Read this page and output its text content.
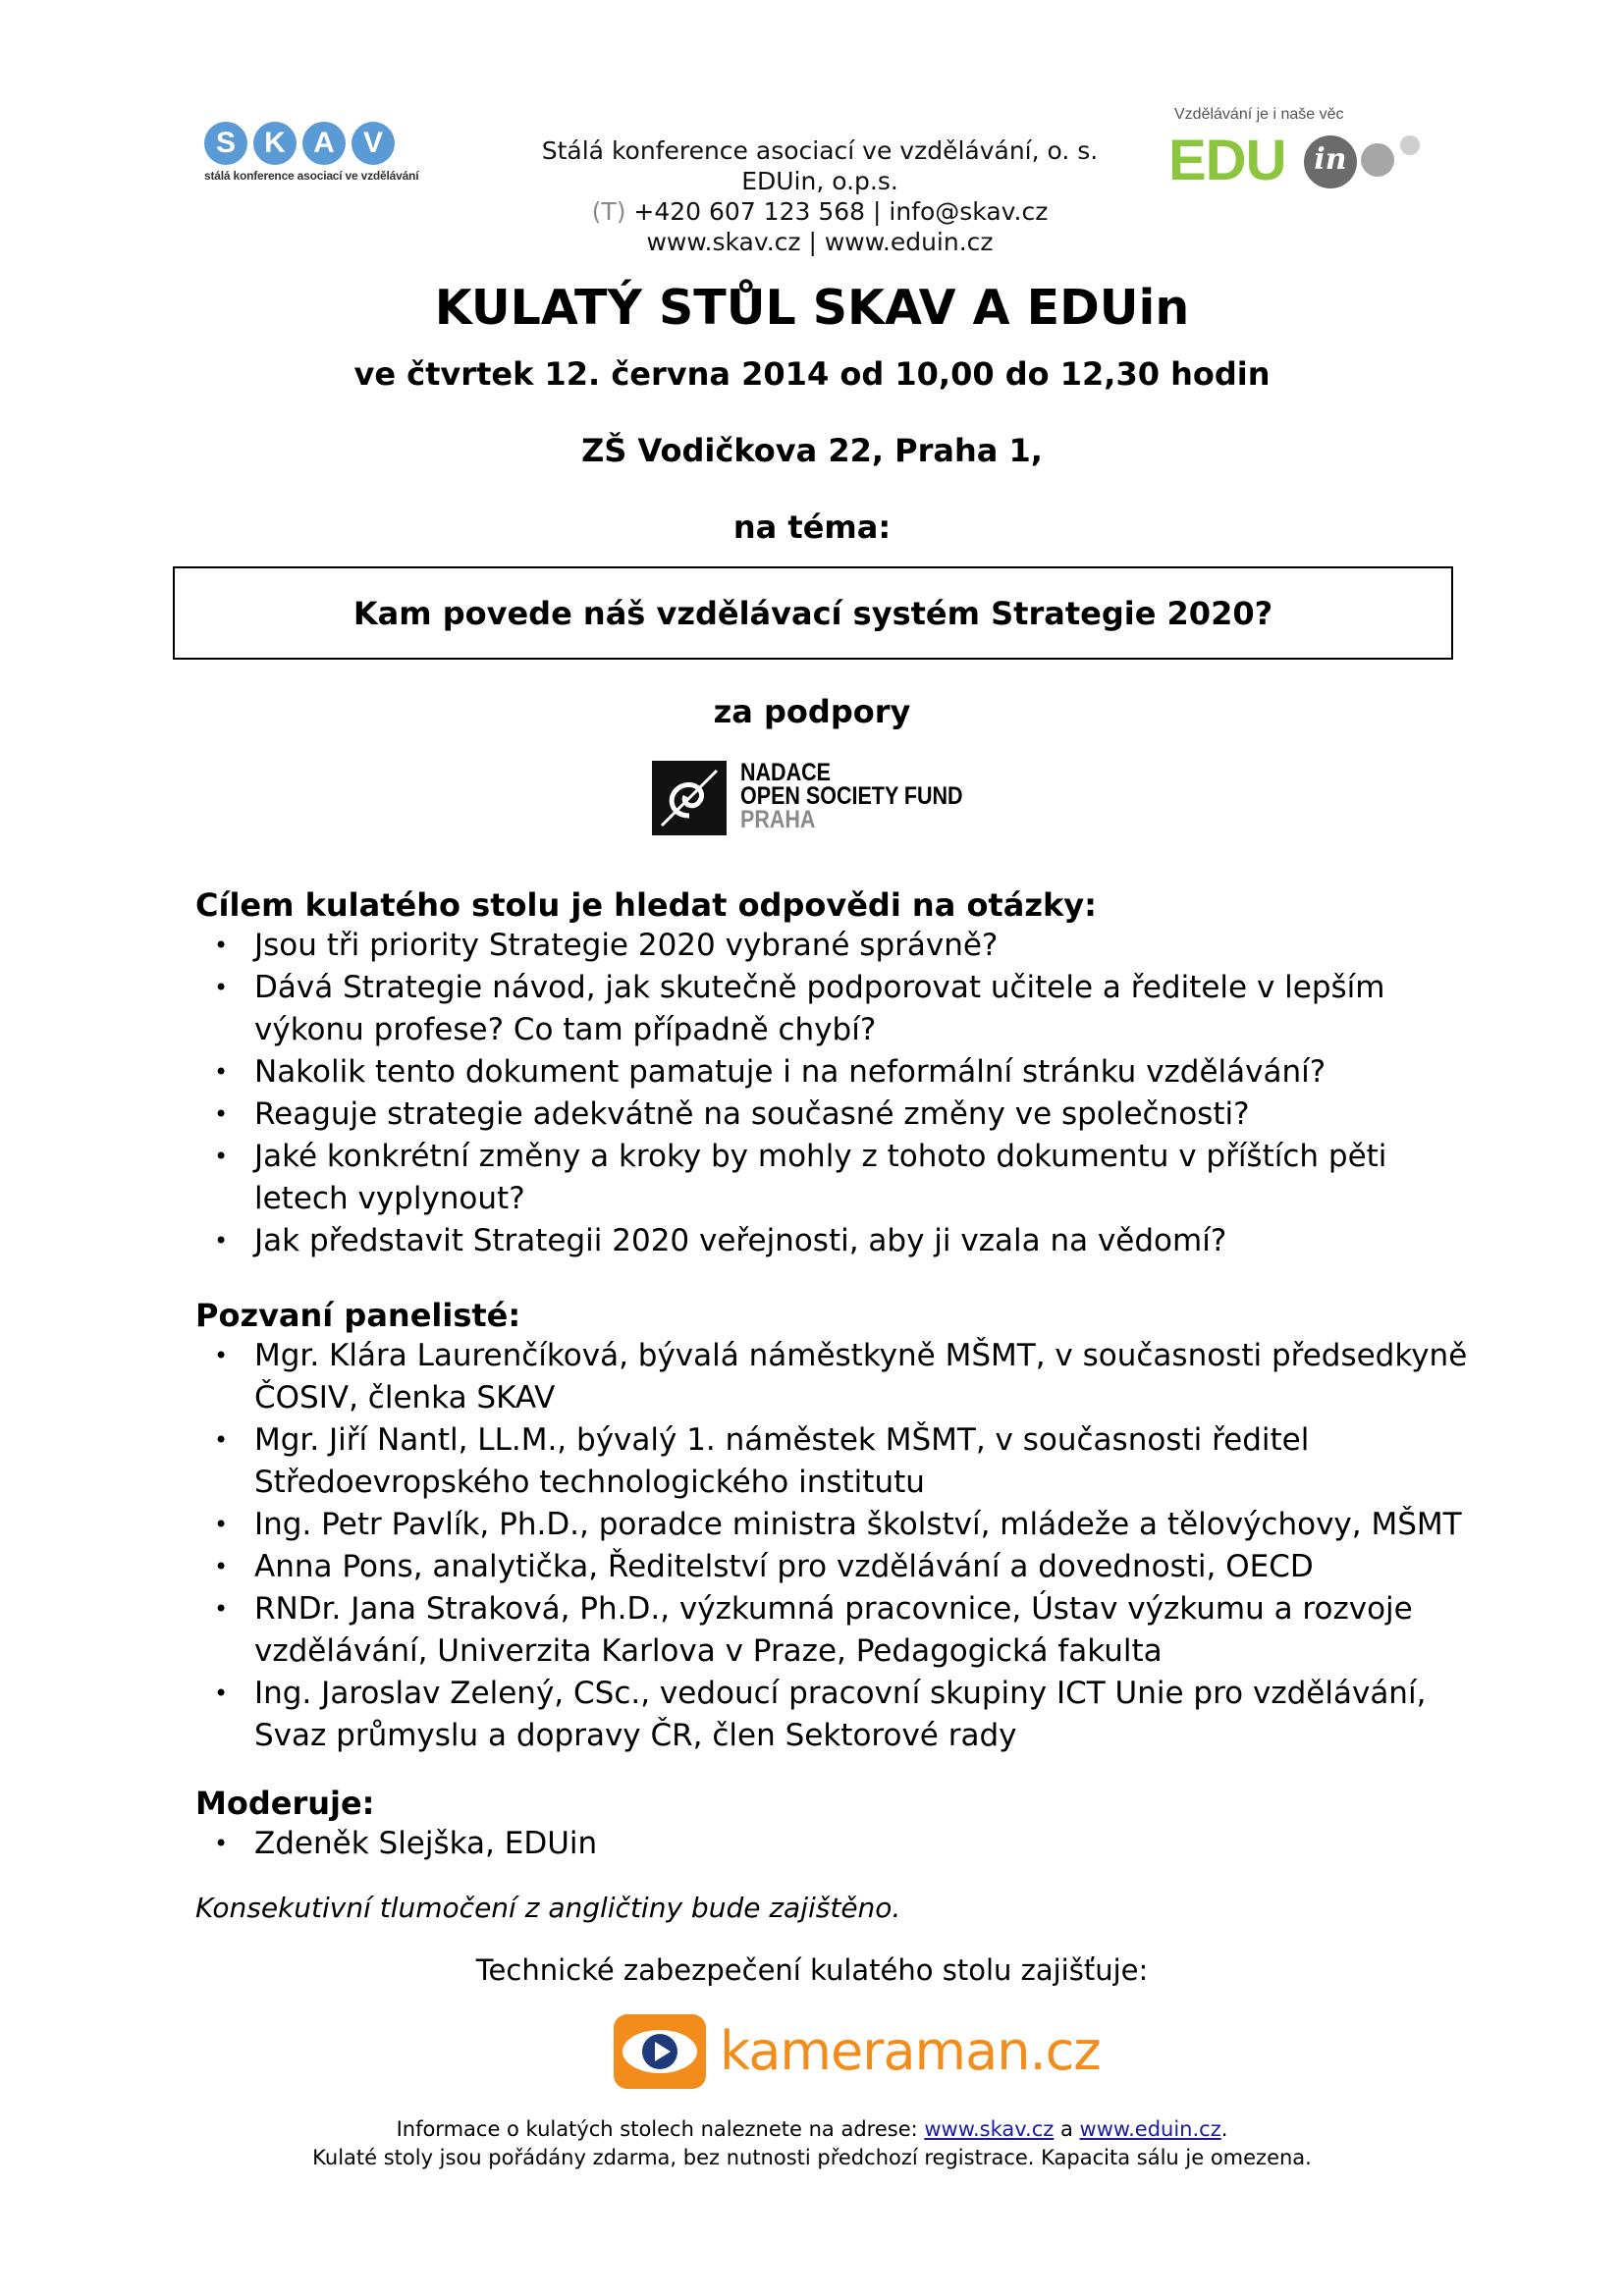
S K A V
stálá konference asociací ve vzdělávání
Stálá konference asociací ve vzdělávání, o. s.
EDUin, o.p.s.
(T) +420 607 123 568 | info@skav.cz
www.skav.cz | www.eduin.cz
Vzdělávání je i naše věc
EDU in
KULATÝ STŮL SKAV A EDUin
ve čtvrtek 12. června 2014 od 10,00 do 12,30 hodin
ZŠ Vodičkova 22, Praha 1,
na téma:
Kam povede náš vzdělávací systém Strategie 2020?
za podpory
NADACE
OPEN SOCIETY FUND
PRAHA
Cílem kulatého stolu je hledat odpovědi na otázky:
• Jsou tři priority Strategie 2020 vybrané správně?
• Dává Strategie návod, jak skutečně podporovat učitele a ředitele v lepším
výkonu profese? Co tam případně chybí?
• Nakolik tento dokument pamatuje i na neformální stránku vzdělávání?
• Reaguje strategie adekvátně na současné změny ve společnosti?
• Jaké konkrétní změny a kroky by mohly z tohoto dokumentu v příštích pěti
letech vyplynout?
• Jak představit Strategii 2020 veřejnosti, aby ji vzala na vědomí?
Pozvaní panelisté:
• Mgr. Klára Laurenčíková, bývalá náměstkyně MŠMT, v současnosti předsedkyně
ČOSIV, členka SKAV
• Mgr. Jiří Nantl, LL.M., bývalý 1. náměstek MŠMT, v současnosti ředitel
Středoevropského technologického institutu
• Ing. Petr Pavlík, Ph.D., poradce ministra školství, mládeže a tělovýchovy, MŠMT
• Anna Pons, analytička, Ředitelství pro vzdělávání a dovednosti, OECD
• RNDr. Jana Straková, Ph.D., výzkumná pracovnice, Ústav výzkumu a rozvoje
vzdělávání, Univerzita Karlova v Praze, Pedagogická fakulta
• Ing. Jaroslav Zelený, CSc., vedoucí pracovní skupiny ICT Unie pro vzdělávání,
Svaz průmyslu a dopravy ČR, člen Sektorové rady
Moderuje:
• Zdeněk Slejška, EDUin
Konsekutivní tlumočení z angličtiny bude zajištěno.
Technické zabezpečení kulatého stolu zajišťuje:
kameraman.cz
Informace o kulatých stolech naleznete na adrese: www.skav.cz a www.eduin.cz.
Kulaté stoly jsou pořádány zdarma, bez nutnosti předchozí registrace. Kapacita sálu je omezena.
